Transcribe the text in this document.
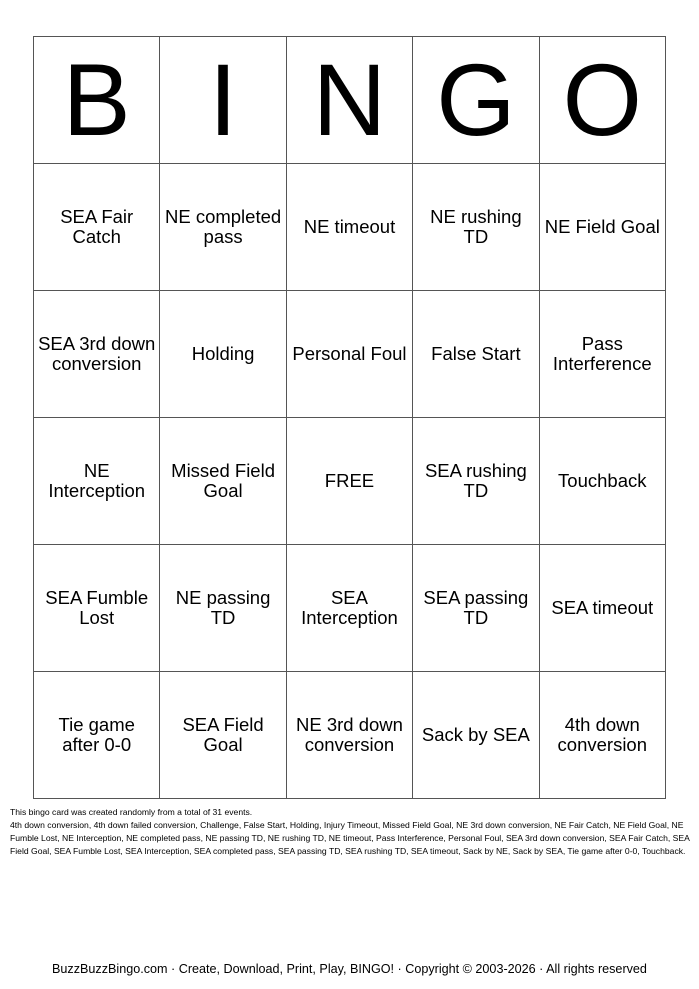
B	I	N	G	O
SEA Fair Catch	NE completed pass	NE timeout	NE rushing TD	NE Field Goal
SEA 3rd down conversion	Holding	Personal Foul	False Start	Pass Interference
NE Interception	Missed Field Goal	FREE	SEA rushing TD	Touchback
SEA Fumble Lost	NE passing TD	SEA Interception	SEA passing TD	SEA timeout
Tie game after 0-0	SEA Field Goal	NE 3rd down conversion	Sack by SEA	4th down conversion
This bingo card was created randomly from a total of 31 events.
4th down conversion, 4th down failed conversion, Challenge, False Start, Holding, Injury Timeout, Missed Field Goal, NE 3rd down conversion, NE Fair Catch, NE Field Goal, NE Fumble Lost, NE Interception, NE completed pass, NE passing TD, NE rushing TD, NE timeout, Pass Interference, Personal Foul, SEA 3rd down conversion, SEA Fair Catch, SEA Field Goal, SEA Fumble Lost, SEA Interception, SEA completed pass, SEA passing TD, SEA rushing TD, SEA timeout, Sack by NE, Sack by SEA, Tie game after 0-0, Touchback.
BuzzBuzzBingo.com · Create, Download, Print, Play, BINGO! · Copyright © 2003-2026 · All rights reserved
